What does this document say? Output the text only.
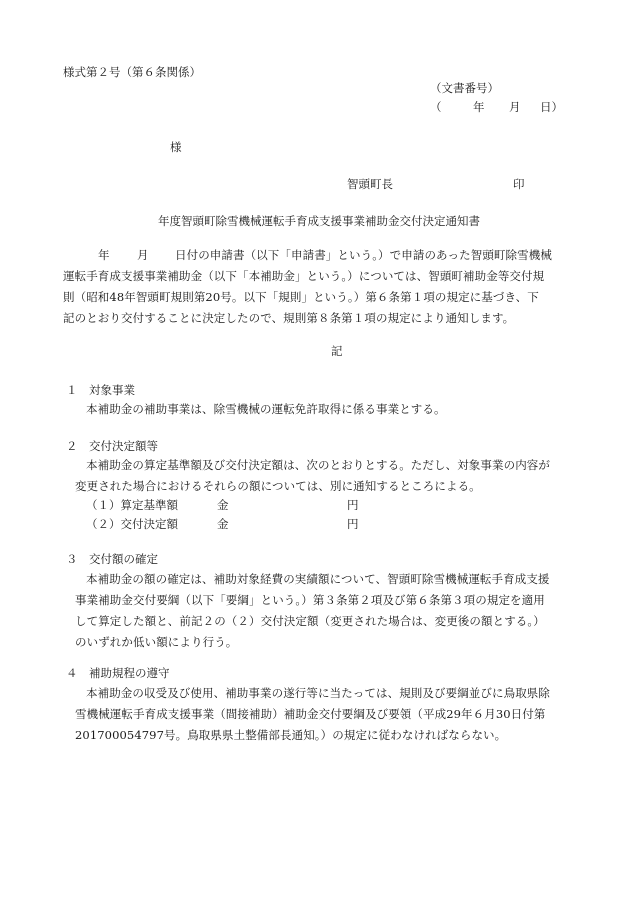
様式第２号（第６条関係）
（文書番号）
（	年 月 日）
様
智頭町長	印
年度智頭町除雪機械運転手育成支援事業補助金交付決定通知書
年 月 日付の申請書（以下「申請書」という。）で申請のあった智頭町除雪機械
運転手育成支援事業補助金（以下「本補助金」という。）については、智頭町補助金等交付規
則（昭和48年智頭町規則第20号。以下「規則」という。）第６条第１項の規定に基づき、下
記のとおり交付することに決定したので、規則第８条第１項の規定により通知します。
記
１ 対象事業
本補助金の補助事業は、除雪機械の運転免許取得に係る事業とする。
２ 交付決定額等
本補助金の算定基準額及び交付決定額は、次のとおりとする。ただし、対象事業の内容が
変更された場合におけるそれらの額については、別に通知するところによる。
（１）算定基準額	金	円
（２）交付決定額	金	円
３ 交付額の確定
本補助金の額の確定は、補助対象経費の実績額について、智頭町除雪機械運転手育成支援
事業補助金交付要綱（以下「要綱」という。）第３条第２項及び第６条第３項の規定を適用
して算定した額と、前記２の（２）交付決定額（変更された場合は、変更後の額とする。）
のいずれか低い額により行う。
４ 補助規程の遵守
本補助金の収受及び使用、補助事業の遂行等に当たっては、規則及び要綱並びに鳥取県除
雪機械運転手育成支援事業（間接補助）補助金交付要綱及び要領（平成29年６月30日付第
201700054797号。鳥取県県土整備部長通知。）の規定に従わなければならない。
